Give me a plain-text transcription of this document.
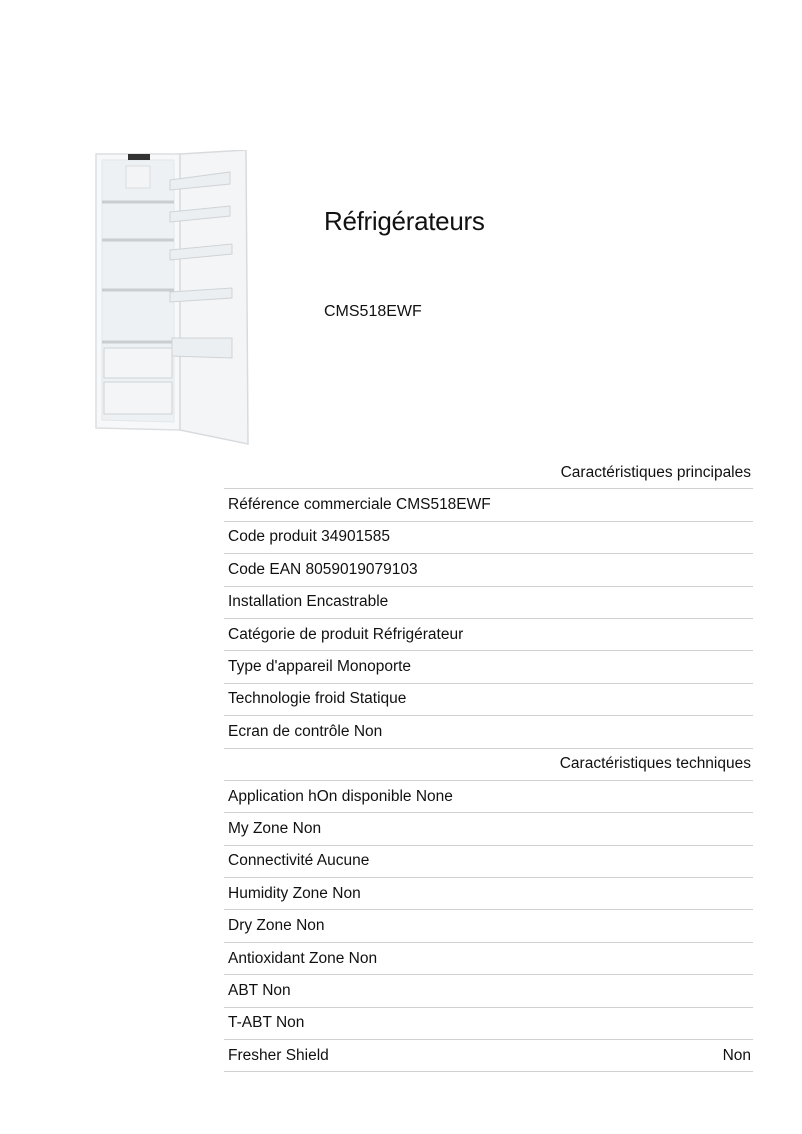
Réfrigérateurs
CMS518EWF
Caractéristiques principales
Référence commerciale CMS518EWF
Code produit 34901585
Code EAN 8059019079103
Installation Encastrable
Catégorie de produit Réfrigérateur
Type d'appareil Monoporte
Technologie froid Statique
Ecran de contrôle Non
Caractéristiques techniques
Application hOn disponible None
My Zone Non
Connectivité Aucune
Humidity Zone Non
Dry Zone Non
Antioxidant Zone Non
ABT Non
T-ABT Non
Fresher Shield	Non
